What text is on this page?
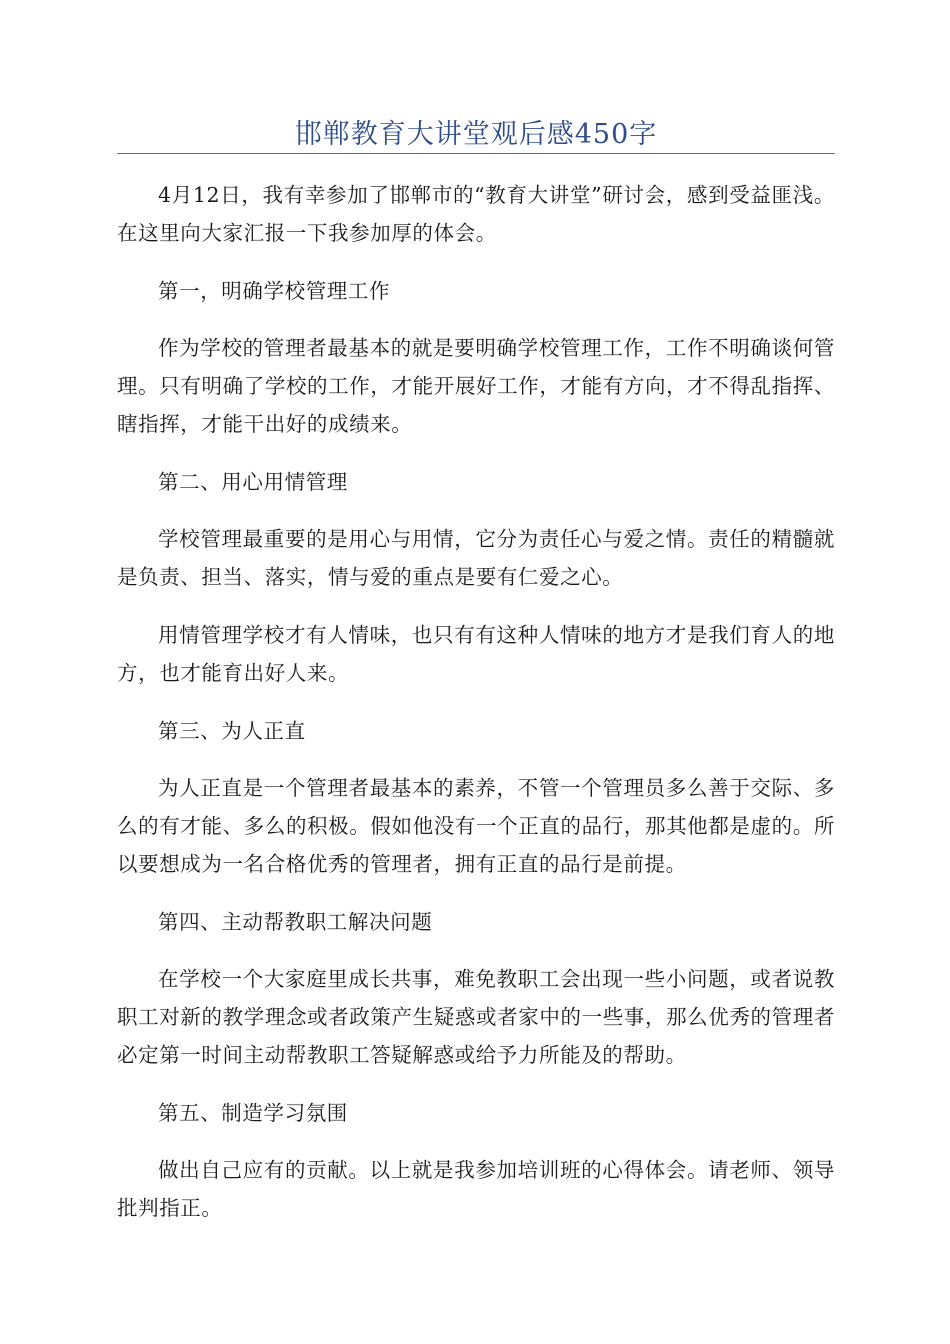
邯郸教育大讲堂观后感450字

4月12日，我有幸参加了邯郸市的“教育大讲堂”研讨会，感到受益匪浅。在这里向大家汇报一下我参加厚的体会。

第一，明确学校管理工作

作为学校的管理者最基本的就是要明确学校管理工作，工作不明确谈何管理。只有明确了学校的工作，才能开展好工作，才能有方向，才不得乱指挥、瞎指挥，才能干出好的成绩来。

第二、用心用情管理

学校管理最重要的是用心与用情，它分为责任心与爱之情。责任的精髓就是负责、担当、落实，情与爱的重点是要有仁爱之心。

用情管理学校才有人情味，也只有有这种人情味的地方才是我们育人的地方，也才能育出好人来。

第三、为人正直

为人正直是一个管理者最基本的素养，不管一个管理员多么善于交际、多么的有才能、多么的积极。假如他没有一个正直的品行，那其他都是虚的。所以要想成为一名合格优秀的管理者，拥有正直的品行是前提。

第四、主动帮教职工解决问题

在学校一个大家庭里成长共事，难免教职工会出现一些小问题，或者说教职工对新的教学理念或者政策产生疑惑或者家中的一些事，那么优秀的管理者必定第一时间主动帮教职工答疑解惑或给予力所能及的帮助。

第五、制造学习氛围

做出自己应有的贡献。以上就是我参加培训班的心得体会。请老师、领导批判指正。
